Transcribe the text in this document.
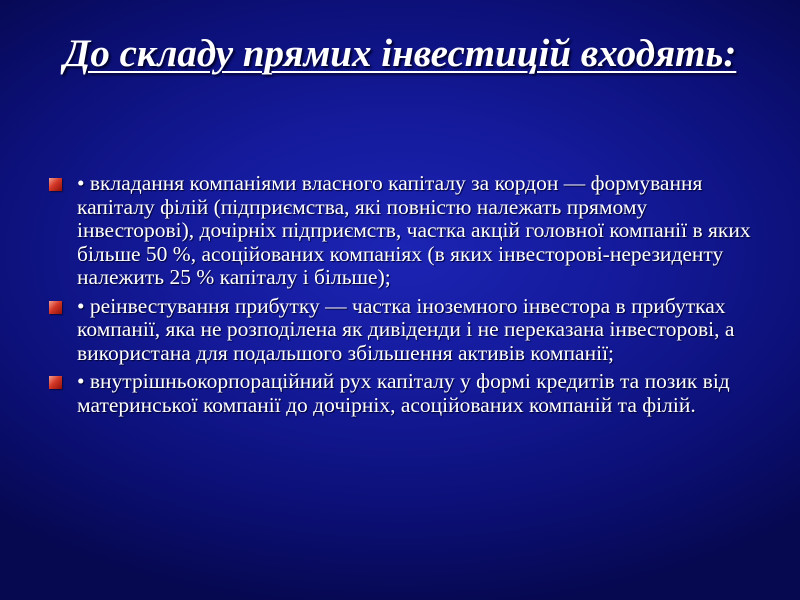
До складу прямих інвестицій входять:
• вкладання компаніями власного капіталу за кордон — формування капіталу філій (підприємства, які повністю належать прямому інвесторові), дочірніх підприємств, частка акцій головної компанії в яких більше 50 %, асоційованих компаніях (в яких інвесторові-нерезиденту належить 25 % капіталу і більше);
• реінвестування прибутку — частка іноземного інвестора в прибутках компанії, яка не розподілена як дивіденди і не переказана інвесторові, а використана для подальшого збільшення активів компанії;
• внутрішньокорпораційний рух капіталу у формі кредитів та позик від материнської компанії до дочірніх, асоційованих компаній та філій.
